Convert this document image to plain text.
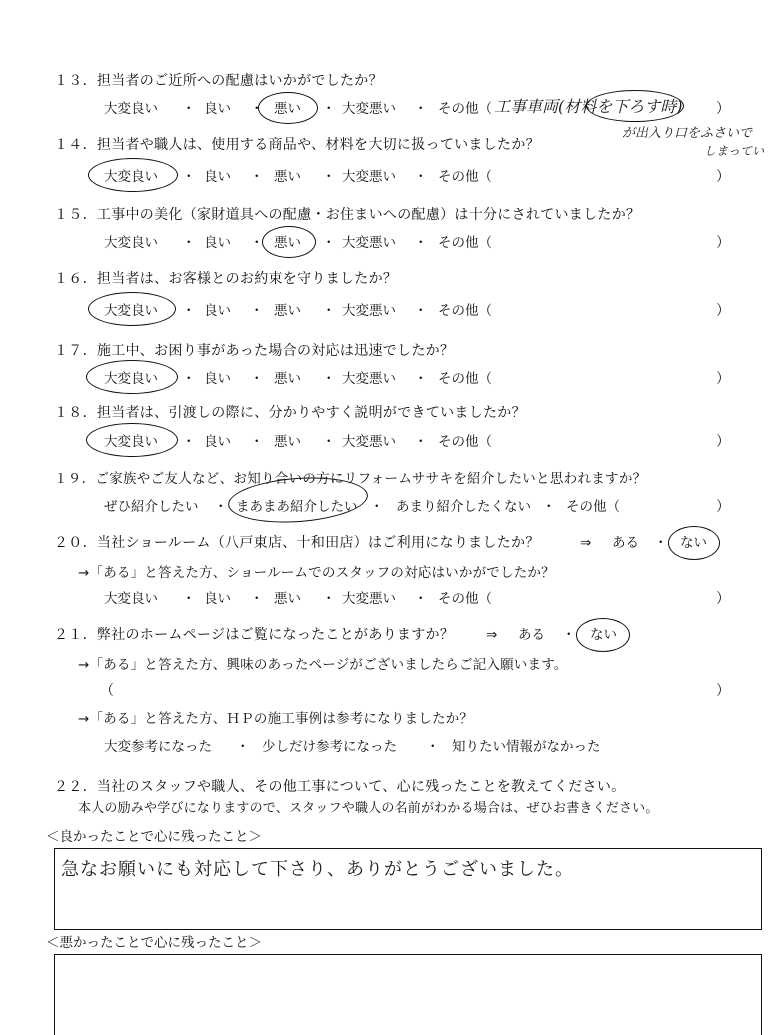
１３．担当者のご近所への配慮はいかがでしたか？
大変良い ・ 良い ・ 悪い ・ 大変悪い ・ その他（ 工事車両(材料を下ろす時) ）
が出入り口をふさいで
しまってい
１４．担当者や職人は、使用する商品や、材料を大切に扱っていましたか？
大変良い ・ 良い ・ 悪い ・ 大変悪い ・ その他（	）
１５．工事中の美化（家財道具への配慮・お住まいへの配慮）は十分にされていましたか？
大変良い ・ 良い ・ 悪い ・ 大変悪い ・ その他（	）
１６．担当者は、お客様とのお約束を守りましたか？
大変良い ・ 良い ・ 悪い ・ 大変悪い ・ その他（	）
１７．施工中、お困り事があった場合の対応は迅速でしたか？
大変良い ・ 良い ・ 悪い ・ 大変悪い ・ その他（	）
１８．担当者は、引渡しの際に、分かりやすく説明ができていましたか？
大変良い ・ 良い ・ 悪い ・ 大変悪い ・ その他（	）
１９．ご家族やご友人など、お知り合いの方にリフォームササキを紹介したいと思われますか？
ぜひ紹介したい ・ まあまあ紹介したい ・ あまり紹介したくない ・ その他（	）
２０．当社ショールーム（八戸東店、十和田店）はご利用になりましたか？	⇒ ある ・ ない
→「ある」と答えた方、ショールームでのスタッフの対応はいかがでしたか？
大変良い ・ 良い ・ 悪い ・ 大変悪い ・ その他（	）
２１．弊社のホームページはご覧になったことがありますか？ ⇒ ある ・ ない
→「ある」と答えた方、興味のあったページがございましたらご記入願います。
（	）
→「ある」と答えた方、ＨＰの施工事例は参考になりましたか？
大変参考になった ・ 少しだけ参考になった ・ 知りたい情報がなかった
２２．当社のスタッフや職人、その他工事について、心に残ったことを教えてください。
本人の励みや学びになりますので、スタッフや職人の名前がわかる場合は、ぜひお書きください。
＜良かったことで心に残ったこと＞
急なお願いにも対応して下さり、ありがとうございました。
＜悪かったことで心に残ったこと＞
